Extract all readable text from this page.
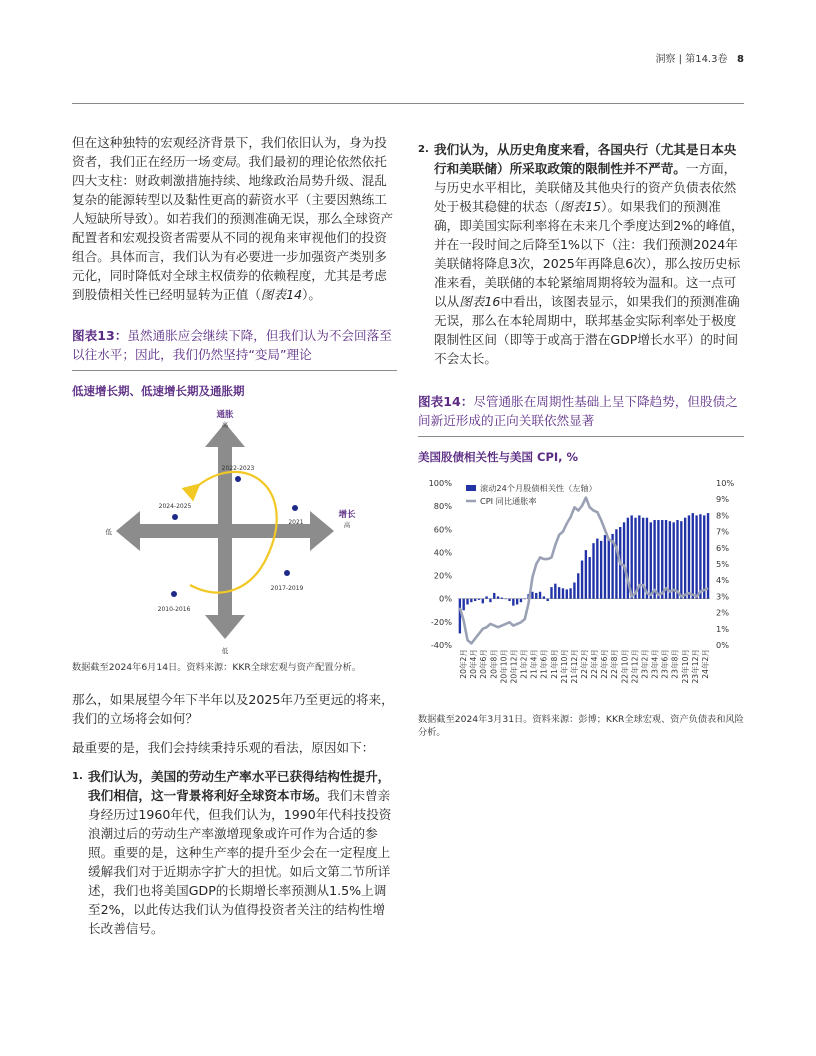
洞察 | 第14.3卷 8

但在这种独特的宏观经济背景下，我们依旧认为，身为投资者，我们正在经历一场变局。我们最初的理论依然依托四大支柱：财政刺激措施持续、地缘政治局势升级、混乱复杂的能源转型以及黏性更高的薪资水平（主要因熟练工人短缺所导致）。如若我们的预测准确无误，那么全球资产配置者和宏观投资者需要从不同的视角来审视他们的投资组合。具体而言，我们认为有必要进一步加强资产类别多元化，同时降低对全球主权债券的依赖程度，尤其是考虑到股债相关性已经明显转为正值（图表14）。

图表13：虽然通胀应会继续下降，但我们认为不会回落至以往水平；因此，我们仍然坚持“变局”理论
低速增长期、低速增长期及通胀期
通胀
高
低
低
增长
高
2022-2023
2024-2025
2021
2017-2019
2010-2016
数据截至2024年6月14日。资料来源：KKR全球宏观与资产配置分析。

那么，如果展望今年下半年以及2025年乃至更远的将来，我们的立场将会如何？

最重要的是，我们会持续秉持乐观的看法，原因如下：

1. 我们认为，美国的劳动生产率水平已获得结构性提升，我们相信，这一背景将利好全球资本市场。我们未曾亲身经历过1960年代，但我们认为，1990年代科技投资浪潮过后的劳动生产率激增现象或许可作为合适的参照。重要的是，这种生产率的提升至少会在一定程度上缓解我们对于近期赤字扩大的担忧。如后文第二节所详述，我们也将美国GDP的长期增长率预测从1.5%上调至2%，以此传达我们认为值得投资者关注的结构性增长改善信号。
2. 我们认为，从历史角度来看，各国央行（尤其是日本央行和美联储）所采取政策的限制性并不严苛。一方面，与历史水平相比，美联储及其他央行的资产负债表依然处于极其稳健的状态（图表15）。如果我们的预测准确，即美国实际利率将在未来几个季度达到2%的峰值，并在一段时间之后降至1%以下（注：我们预测2024年美联储将降息3次，2025年再降息6次），那么按历史标准来看，美联储的本轮紧缩周期将较为温和。这一点可以从图表16中看出，该图表显示，如果我们的预测准确无误，那么在本轮周期中，联邦基金实际利率处于极度限制性区间（即等于或高于潜在GDP增长水平）的时间不会太长。
图表14：尽管通胀在周期性基础上呈下降趋势，但股债之间新近形成的正向关联依然显著
美国股债相关性与美国 CPI, %
100%
80%
60%
40%
20%
0%
-20%
-40%
10%
9%
8%
7%
6%
5%
4%
3%
2%
1%
0%
20年2月 20年4月 20年6月 20年8月 20年10月 20年12月 21年2月 21年4月 21年6月 21年8月 21年10月 21年12月 22年2月 22年4月 22年6月 22年8月 22年10月 22年12月 23年2月 23年4月 23年6月 23年8月 23年10月 23年12月 24年2月
滚动24个月股债相关性（左轴）
CPI 同比通胀率
数据截至2024年3月31日。资料来源：彭博；KKR全球宏观、资产负债表和风险分析。
